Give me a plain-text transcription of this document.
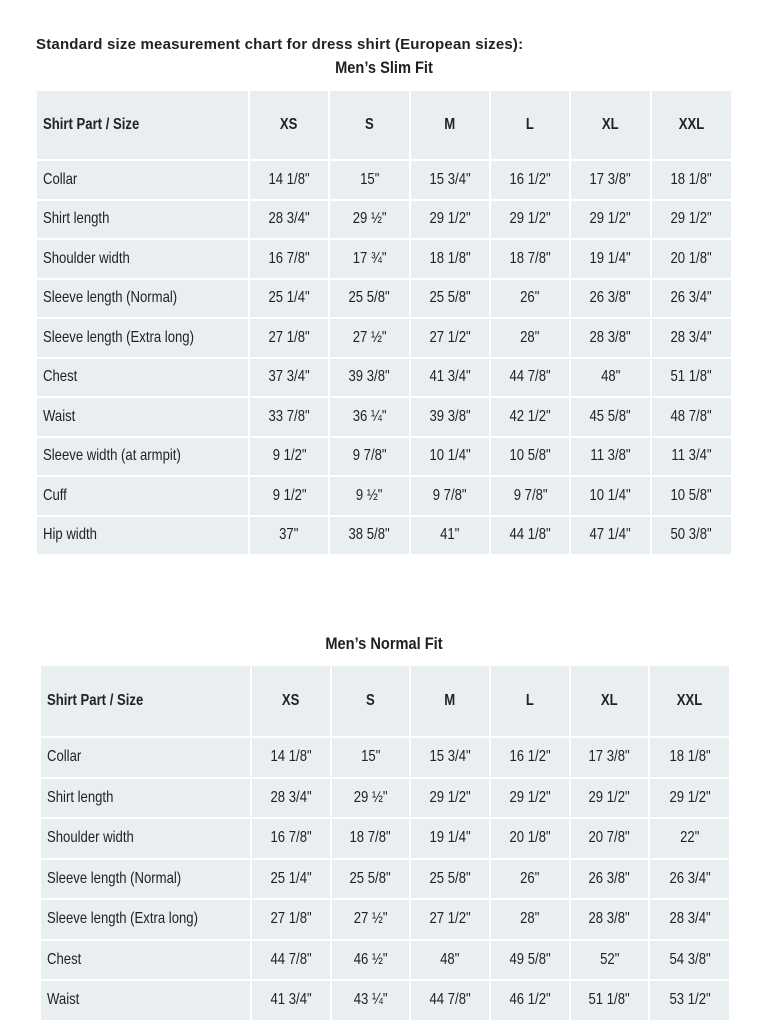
Standard size measurement chart for dress shirt (European sizes):
Men’s Slim Fit
Shirt Part / Size	XS	S	M	L	XL	XXL
Collar	14 1/8"	15"	15 3/4"	16 1/2"	17 3/8"	18 1/8"
Shirt length	28 3/4"	29 ½"	29 1/2"	29 1/2"	29 1/2"	29 1/2"
Shoulder width	16 7/8"	17 ¾"	18 1/8"	18 7/8"	19 1/4"	20 1/8"
Sleeve length (Normal)	25 1/4"	25 5/8"	25 5/8"	26"	26 3/8"	26 3/4"
Sleeve length (Extra long)	27 1/8"	27 ½"	27 1/2"	28"	28 3/8"	28 3/4"
Chest	37 3/4"	39 3/8"	41 3/4"	44 7/8"	48"	51 1/8"
Waist	33 7/8"	36 ¼"	39 3/8"	42 1/2"	45 5/8"	48 7/8"
Sleeve width (at armpit)	9 1/2"	9 7/8"	10 1/4"	10 5/8"	11 3/8"	11 3/4"
Cuff	9 1/2"	9 ½"	9 7/8"	9 7/8"	10 1/4"	10 5/8"
Hip width	37"	38 5/8"	41"	44 1/8"	47 1/4"	50 3/8"
Men’s Normal Fit
Shirt Part / Size	XS	S	M	L	XL	XXL
Collar	14 1/8"	15"	15 3/4"	16 1/2"	17 3/8"	18 1/8"
Shirt length	28 3/4"	29 ½"	29 1/2"	29 1/2"	29 1/2"	29 1/2"
Shoulder width	16 7/8"	18 7/8"	19 1/4"	20 1/8"	20 7/8"	22"
Sleeve length (Normal)	25 1/4"	25 5/8"	25 5/8"	26"	26 3/8"	26 3/4"
Sleeve length (Extra long)	27 1/8"	27 ½"	27 1/2"	28"	28 3/8"	28 3/4"
Chest	44 7/8"	46 ½"	48"	49 5/8"	52"	54 3/8"
Waist	41 3/4"	43 ¼"	44 7/8"	46 1/2"	51 1/8"	53 1/2"
